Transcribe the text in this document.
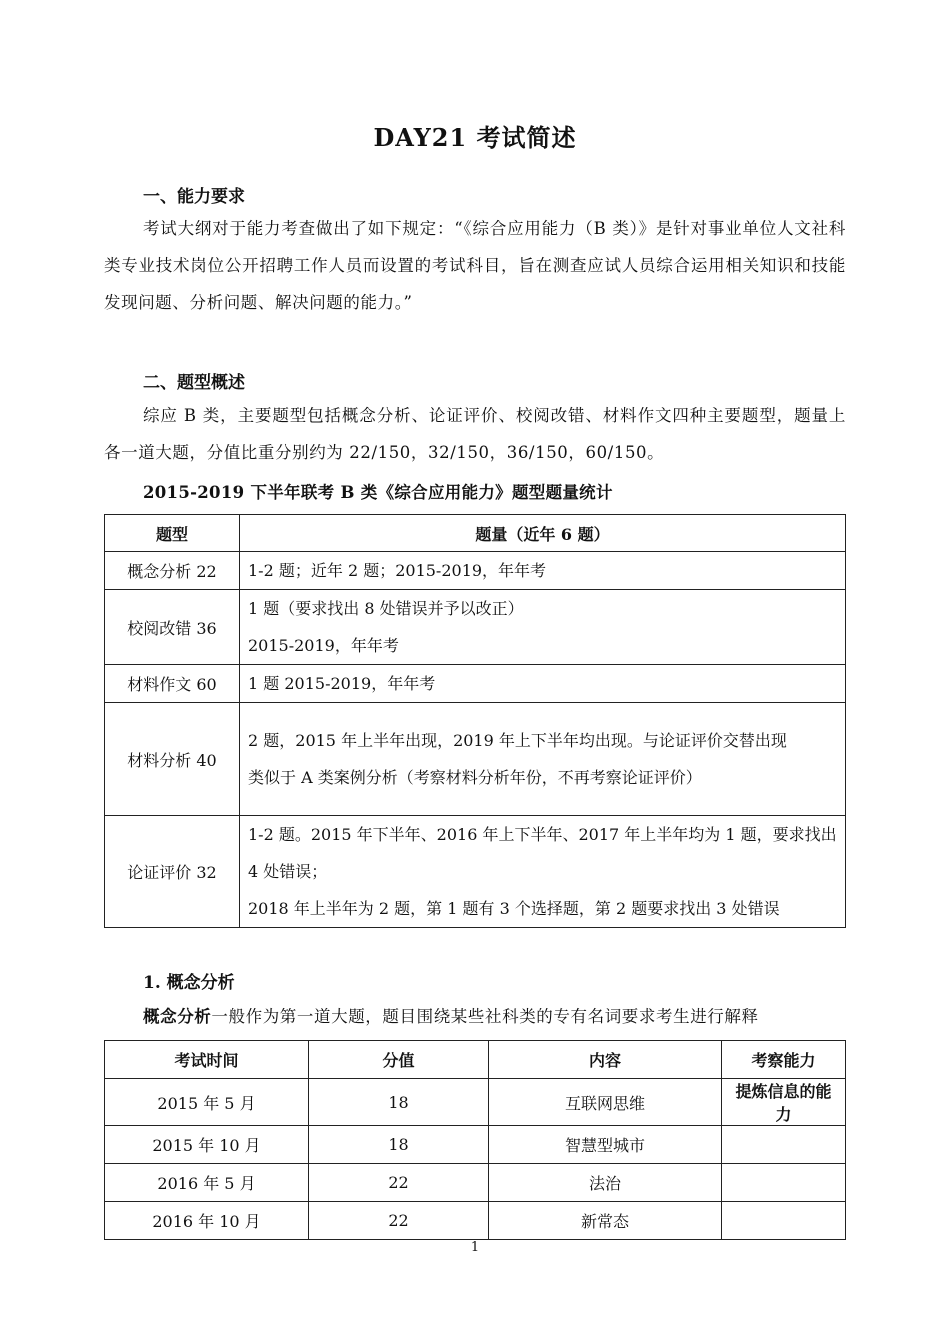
DAY21 考试简述
一、能力要求
考试大纲对于能力考查做出了如下规定：“《综合应用能力（B 类）》是针对事业单位人文社科类专业技术岗位公开招聘工作人员而设置的考试科目，旨在测查应试人员综合运用相关知识和技能发现问题、分析问题、解决问题的能力。”
二、题型概述
综应 B 类，主要题型包括概念分析、论证评价、校阅改错、材料作文四种主要题型，题量上各一道大题，分值比重分别约为 22/150，32/150，36/150，60/150。
2015-2019 下半年联考 B 类《综合应用能力》题型题量统计
题型	题量（近年 6 题）
概念分析 22	1-2 题；近年 2 题；2015-2019，年年考

校阅改错 36	1 题（要求找出 8 处错误并予以改正）
2015-2019，年年考

材料作文 60	1 题 2015-2019，年年考

材料分析 40	2 题，2015 年上半年出现，2019 年上下半年均出现。与论证评价交替出现
类似于 A 类案例分析（考察材料分析年份，不再考察论证评价）

论证评价 32	1-2 题。2015 年下半年、2016 年上下半年、2017 年上半年均为 1 题，要求找出 4 处错误；
2018 年上半年为 2 题，第 1 题有 3 个选择题，第 2 题要求找出 3 处错误
1. 概念分析
概念分析一般作为第一道大题，题目围绕某些社科类的专有名词要求考生进行解释
考试时间	分值	内容	考察能力
2015 年 5 月	18	互联网思维	提炼信息的能力
2015 年 10 月	18	智慧型城市	
2016 年 5 月	22	法治	
2016 年 10 月	22	新常态	
1
